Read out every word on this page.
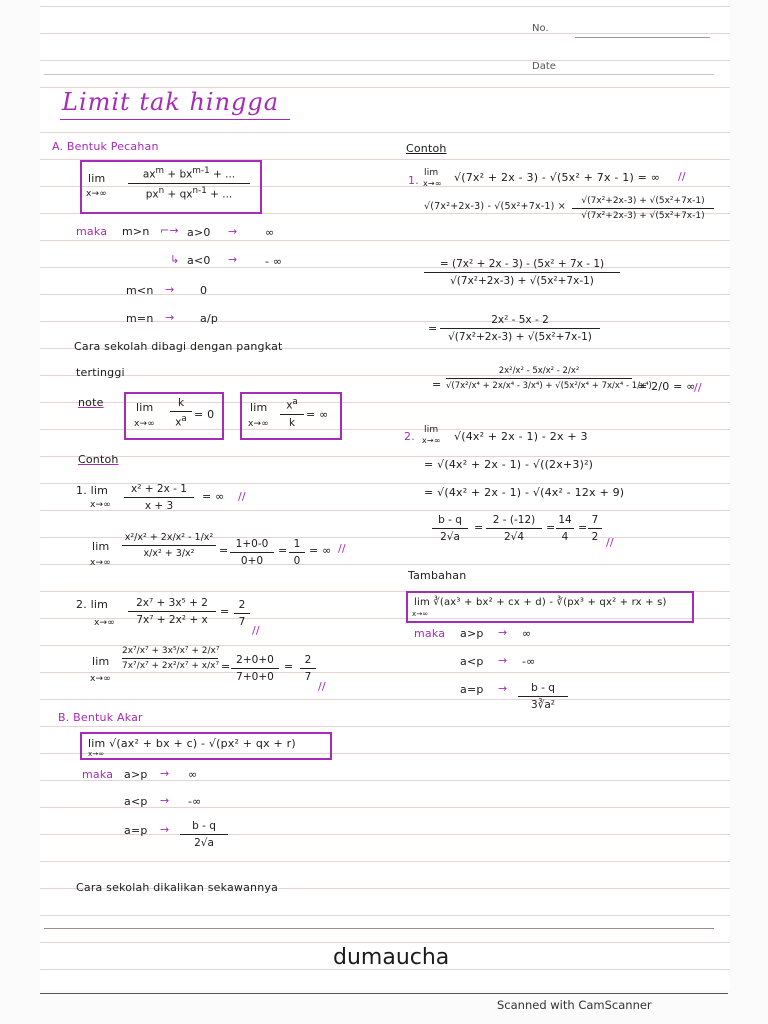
No.
Date
Limit tak hingga
A. Bentuk Pecahan
lim
x→∞
$ax^m + bx^{m-1}$ + ...
$px^n + qx^{n-1}$ + ...
maka m>n ⌐→ a>0 →	∞
↳ a<0 →	- ∞
m<n → 0
m=n → a/p
Cara sekolah dibagi dengan pangkat
tertinggi
note	lim
x→∞
k
$x^a = 0$
lim
x→∞
$x^a$
k
= ∞
Contoh
1. lim
x→∞
x² + 2x - 1
x + 3
= ∞ //
lim
x→∞
x²/x² + 2x/x² - 1/x²
x/x² + 3/x²	= 1+0-0
0+0
= 1
0
= ∞ //
2. lim
x→∞
2x⁷ + 3x⁵ + 2
7x⁷ + 2x² + x
= 2
7
//
lim
x→∞
2x⁷/x⁷ + 3x⁵/x⁷ + 2/x⁷
7x⁷/x⁷ + 2x²/x⁷ + x/x⁷ = 2+0+0
7+0+0
=	2
7
//
B. Bentuk Akar
lim √(ax² + bx + c) - √(px² + qx + r)
x→∞
maka a>p → ∞
a<p → -∞
a=p →	b - q
2√a
Cara sekolah dikalikan sekawannya
Contoh
1.
lim
x→∞ √(7x² + 2x - 3) - √(5x² + 7x - 1) = ∞ //
√(7x²+2x-3) - √(5x²+7x-1) ×	√(7x²+2x-3) + √(5x²+7x-1)
√(7x²+2x-3) + √(5x²+7x-1)
= (7x² + 2x - 3) - (5x² + 7x - 1)
√(7x²+2x-3) + √(5x²+7x-1)
=
2x² - 5x - 2
√(7x²+2x-3) + √(5x²+7x-1)
=
2x²/x² - 5x/x² - 2/x²
√(7x²/x⁴ + 2x/x⁴ - 3/x⁴) + √(5x²/x⁴ + 7x/x⁴ - 1/x⁴)
= 2/0 = ∞
//
2. lim
x→∞ √(4x² + 2x - 1) - 2x + 3
= √(4x² + 2x - 1) - √((2x+3)²)
= √(4x² + 2x - 1) - √(4x² - 12x + 9)
b - q
2√a
=
2 - (-12)
2√4
=
14
4
=
7
2 //
Tambahan
lim ∛(ax³ + bx² + cx + d) - ∛(px³ + qx² + rx + s)
x→∞
maka a>p → ∞
a<p → -∞
a=p →	b - q
3∛a²
dumaucha
Scanned with CamScanner
